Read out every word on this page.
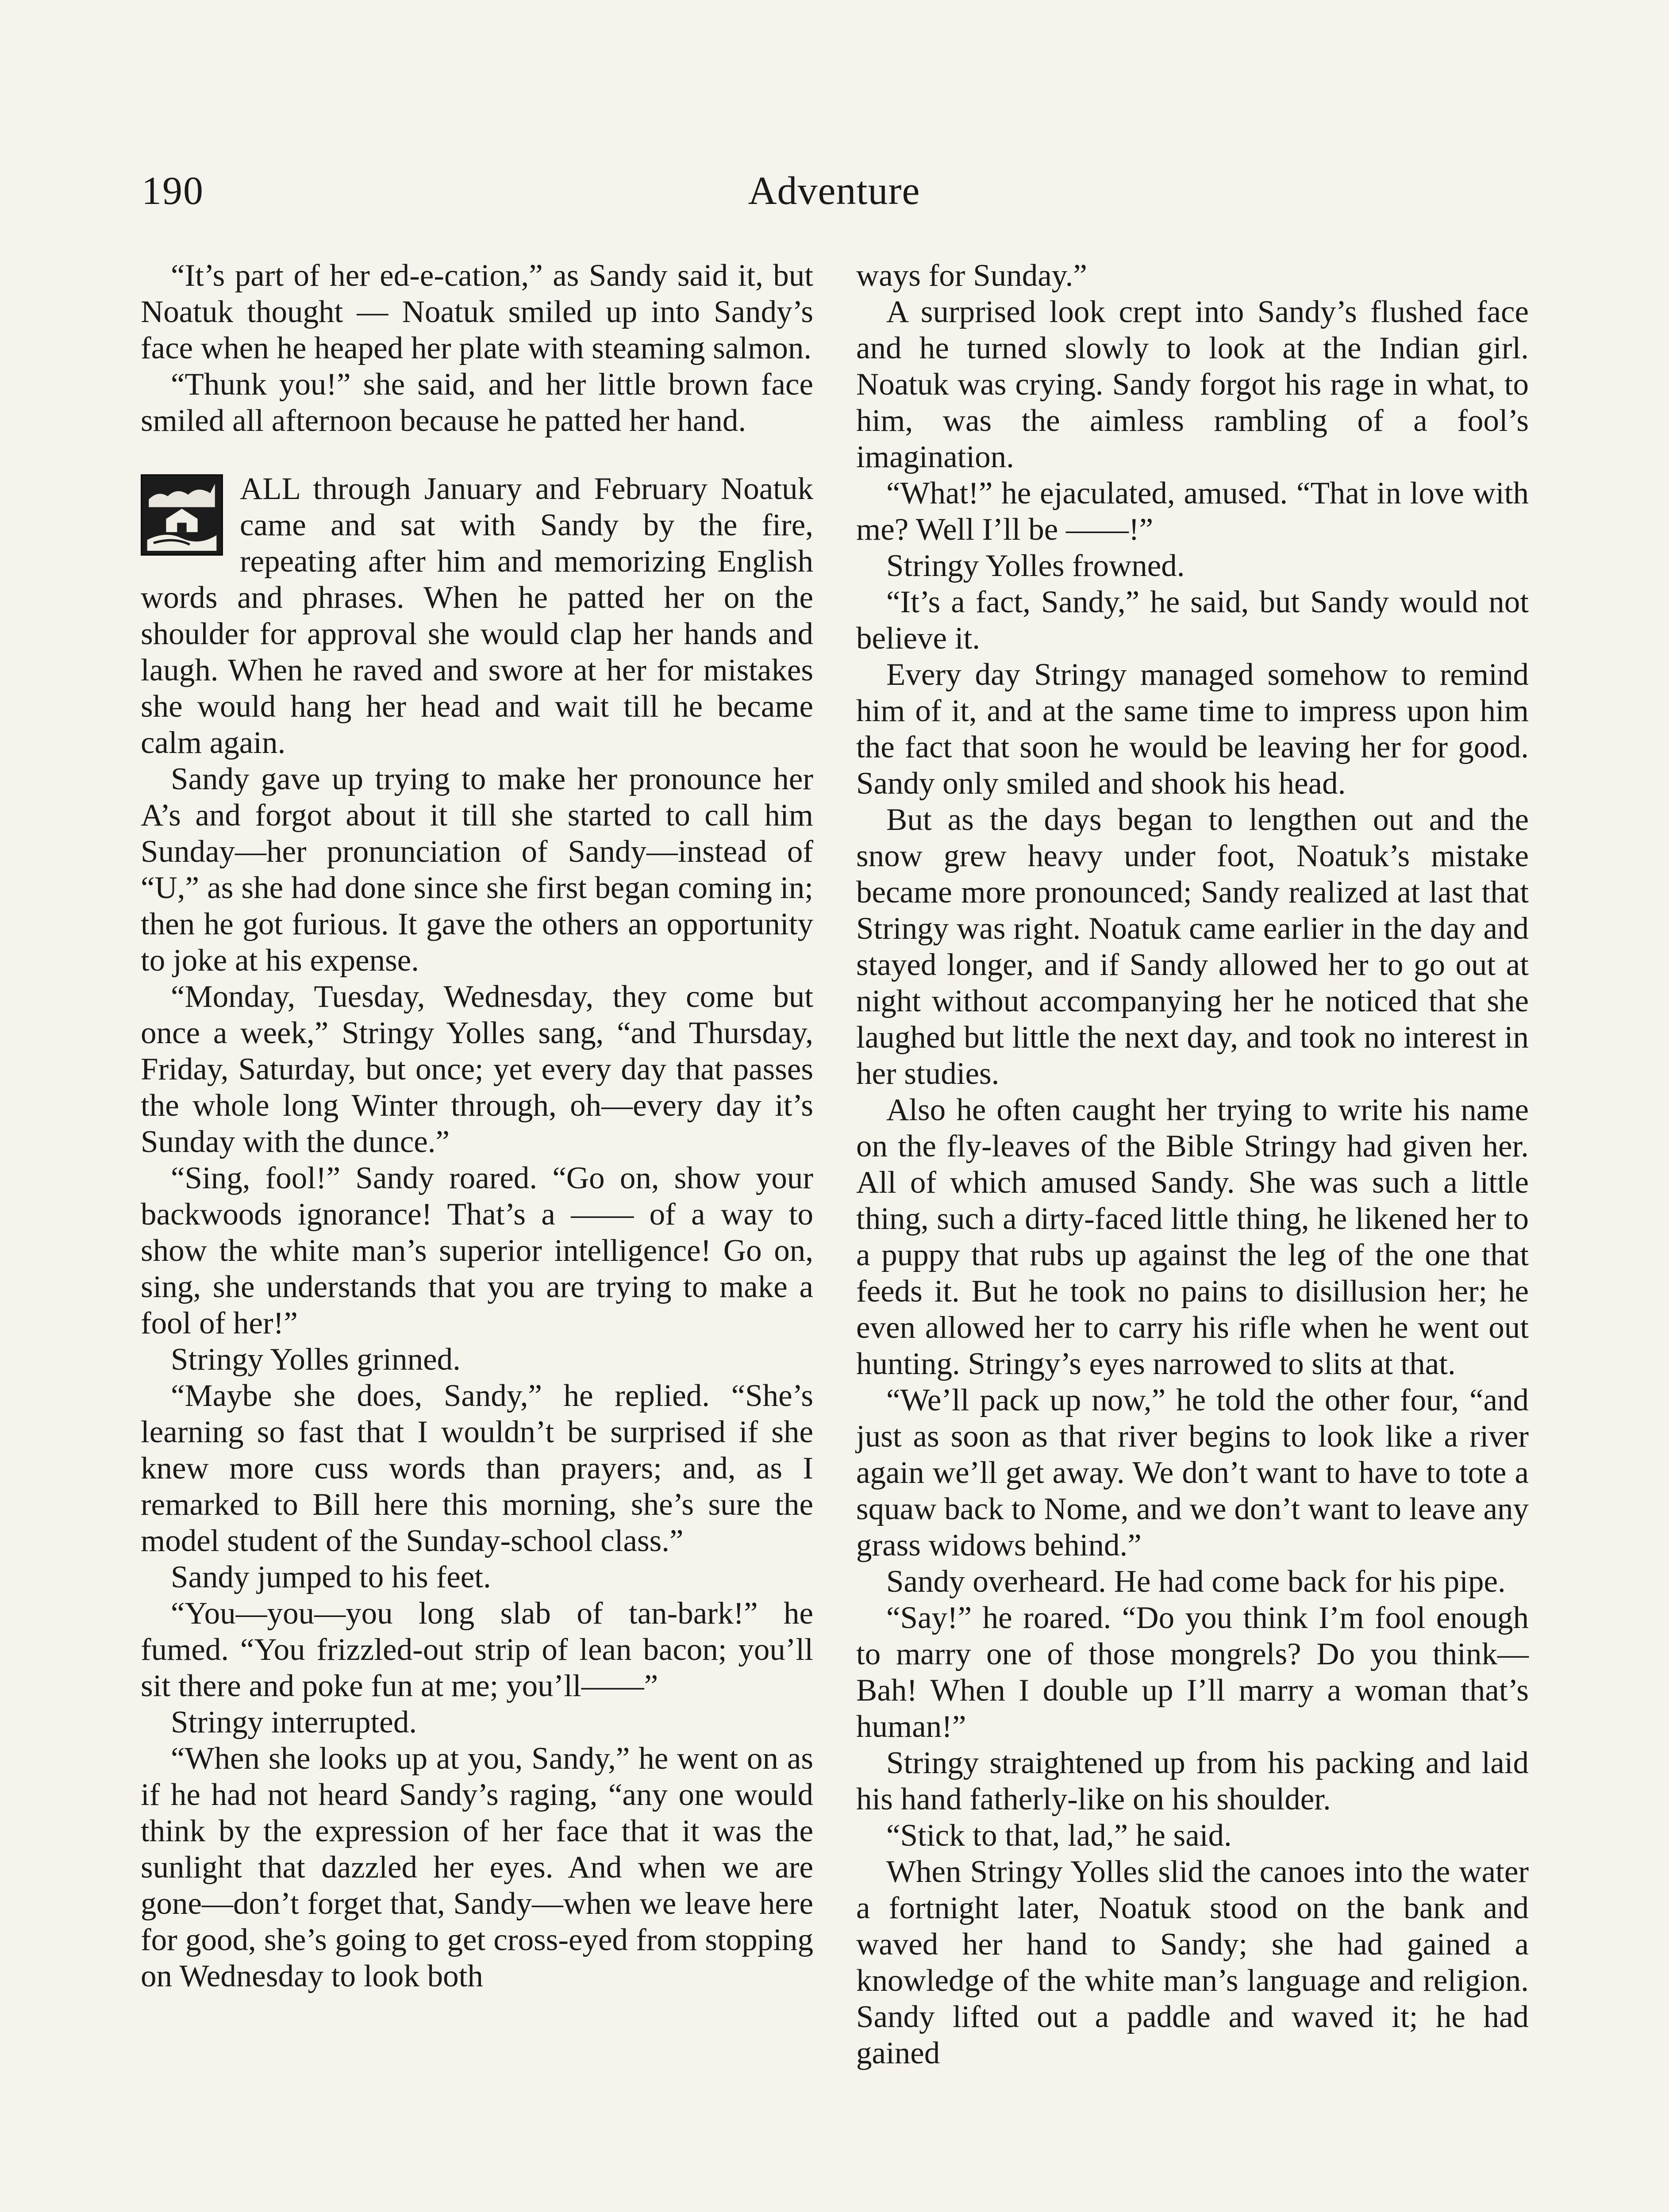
190	Adventure

“It’s part of her ed-e-cation,” as Sandy said it, but Noatuk thought — Noatuk smiled up into Sandy’s face when he heaped her plate with steaming salmon.

“Thunk you!” she said, and her little brown face smiled all afternoon because he patted her hand.

ALL through January and February Noatuk came and sat with Sandy by the fire, repeating after him and memorizing English words and phrases. When he patted her on the shoulder for approval she would clap her hands and laugh. When he raved and swore at her for mistakes she would hang her head and wait till he became calm again.

Sandy gave up trying to make her pronounce her A’s and forgot about it till she started to call him Sunday—her pronunciation of Sandy—instead of “U,” as she had done since she first began coming in; then he got furious. It gave the others an opportunity to joke at his expense.

“Monday, Tuesday, Wednesday, they come but once a week,” Stringy Yolles sang, “and Thursday, Friday, Saturday, but once; yet every day that passes the whole long Winter through, oh—every day it’s Sunday with the dunce.”

“Sing, fool!” Sandy roared. “Go on, show your backwoods ignorance! That’s a —— of a way to show the white man’s superior intelligence! Go on, sing, she understands that you are trying to make a fool of her!”

Stringy Yolles grinned.

“Maybe she does, Sandy,” he replied. “She’s learning so fast that I wouldn’t be surprised if she knew more cuss words than prayers; and, as I remarked to Bill here this morning, she’s sure the model student of the Sunday-school class.”

Sandy jumped to his feet.

“You—you—you long slab of tan-bark!” he fumed. “You frizzled-out strip of lean bacon; you’ll sit there and poke fun at me; you’ll——”

Stringy interrupted.

“When she looks up at you, Sandy,” he went on as if he had not heard Sandy’s raging, “any one would think by the expression of her face that it was the sunlight that dazzled her eyes. And when we are gone—don’t forget that, Sandy—when we leave here for good, she’s going to get cross-eyed from stopping on Wednesday to look both

ways for Sunday.”

A surprised look crept into Sandy’s flushed face and he turned slowly to look at the Indian girl. Noatuk was crying. Sandy forgot his rage in what, to him, was the aimless rambling of a fool’s imagination.

“What!” he ejaculated, amused. “That in love with me? Well I’ll be ——!”

Stringy Yolles frowned.

“It’s a fact, Sandy,” he said, but Sandy would not believe it.

Every day Stringy managed somehow to remind him of it, and at the same time to impress upon him the fact that soon he would be leaving her for good. Sandy only smiled and shook his head.

But as the days began to lengthen out and the snow grew heavy under foot, Noatuk’s mistake became more pronounced; Sandy realized at last that Stringy was right. Noatuk came earlier in the day and stayed longer, and if Sandy allowed her to go out at night without accompanying her he noticed that she laughed but little the next day, and took no interest in her studies.

Also he often caught her trying to write his name on the fly-leaves of the Bible Stringy had given her. All of which amused Sandy. She was such a little thing, such a dirty-faced little thing, he likened her to a puppy that rubs up against the leg of the one that feeds it. But he took no pains to disillusion her; he even allowed her to carry his rifle when he went out hunting. Stringy’s eyes narrowed to slits at that.

“We’ll pack up now,” he told the other four, “and just as soon as that river begins to look like a river again we’ll get away. We don’t want to have to tote a squaw back to Nome, and we don’t want to leave any grass widows behind.”

Sandy overheard. He had come back for his pipe.

“Say!” he roared. “Do you think I’m fool enough to marry one of those mongrels? Do you think— Bah! When I double up I’ll marry a woman that’s human!”

Stringy straightened up from his packing and laid his hand fatherly-like on his shoulder.

“Stick to that, lad,” he said.

When Stringy Yolles slid the canoes into the water a fortnight later, Noatuk stood on the bank and waved her hand to Sandy; she had gained a knowledge of the white man’s language and religion. Sandy lifted out a paddle and waved it; he had gained
